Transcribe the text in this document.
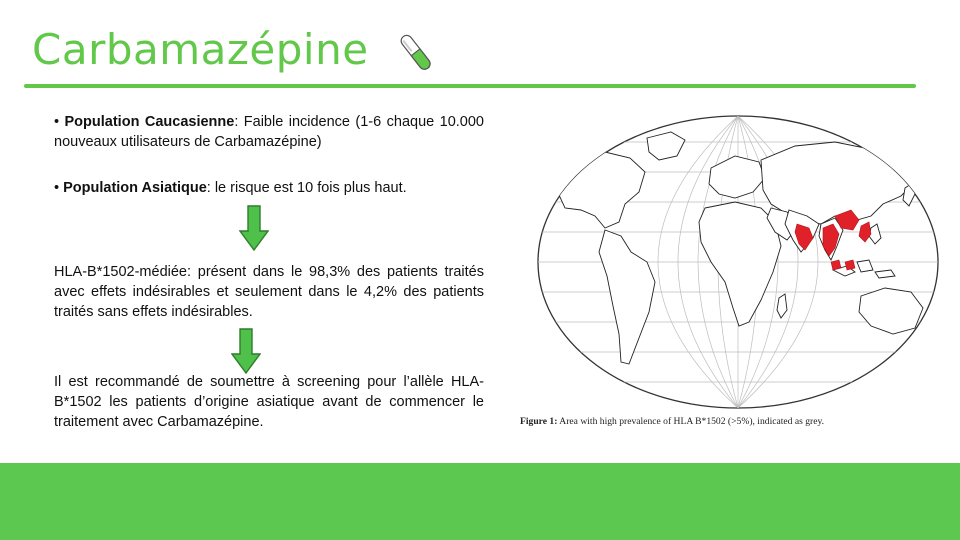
Carbamazépine
• Population Caucasienne: Faible incidence (1-6 chaque 10.000 nouveaux utilisateurs de Carbamazépine)
• Population Asiatique: le risque est 10 fois plus haut.
HLA-B*1502-médiée: présent dans le 98,3% des patients traités avec effets indésirables et seulement dans le 4,2% des patients traités sans effets indésirables.
Il est recommandé de soumettre à screening pour l’allèle HLA-B*1502 les patients d’origine asiatique avant de commencer le traitement avec Carbamazépine.	Figure 1: Area with high prevalence of HLA B*1502 (>5%), indicated as grey.
